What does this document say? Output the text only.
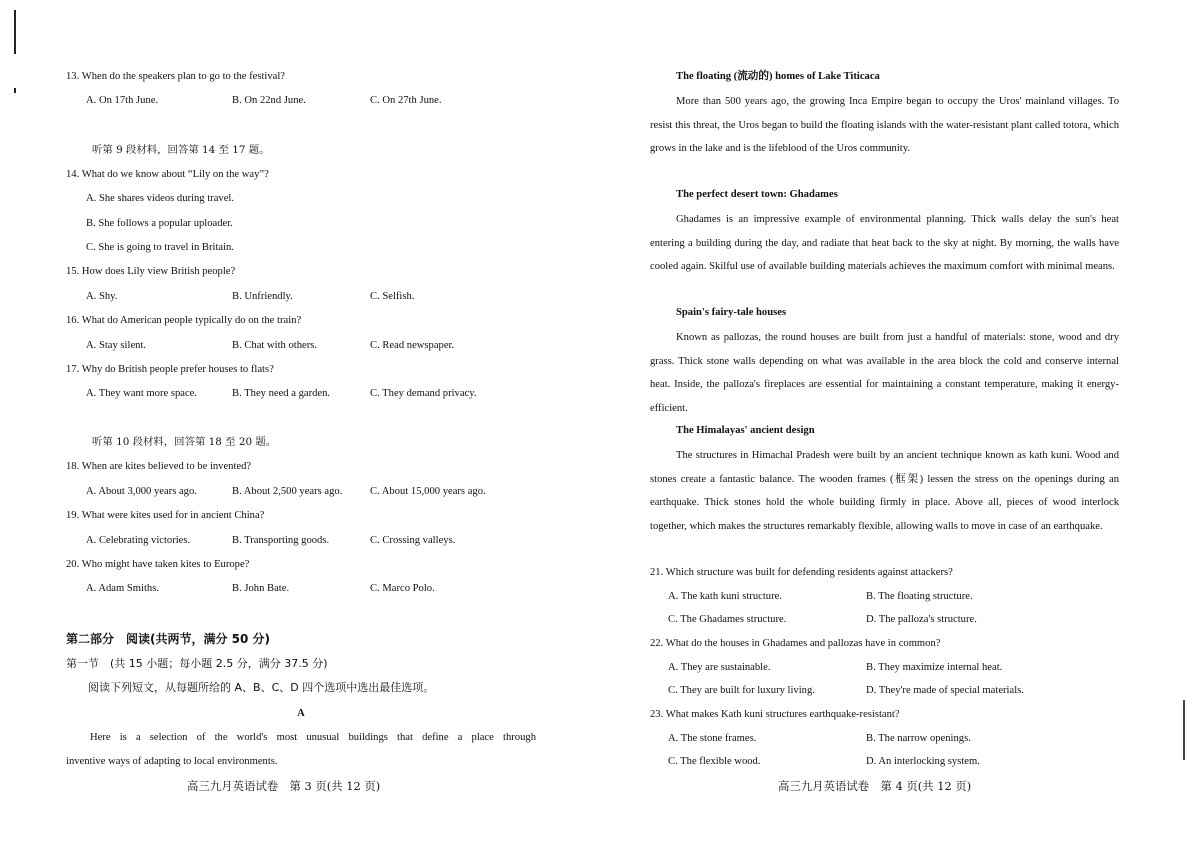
13. When do the speakers plan to go to the festival?
A. On 17th June.	B. On 22nd June.	C. On 27th June.
听第 9 段材料，回答第 14 至 17 题。
14. What do we know about “Lily on the way”?
A. She shares videos during travel.
B. She follows a popular uploader.
C. She is going to travel in Britain.
15. How does Lily view British people?
A. Shy.	B. Unfriendly.	C. Selfish.
16. What do American people typically do on the train?
A. Stay silent.	B. Chat with others.	C. Read newspaper.
17. Why do British people prefer houses to flats?
A. They want more space.	B. They need a garden.	C. They demand privacy.
听第 10 段材料，回答第 18 至 20 题。
18. When are kites believed to be invented?
A. About 3,000 years ago.	B. About 2,500 years ago.	C. About 15,000 years ago.
19. What were kites used for in ancient China?
A. Celebrating victories.	B. Transporting goods.	C. Crossing valleys.
20. Who might have taken kites to Europe?
A. Adam Smiths.	B. John Bate.	C. Marco Polo.
第二部分　阅读(共两节，满分 50 分)
第一节　(共 15 小题；每小题 2.5 分，满分 37.5 分)
阅读下列短文，从每题所给的 A、B、C、D 四个选项中选出最佳选项。
A
Here is a selection of the world's most unusual buildings that define a place through
inventive ways of adapting to local environments.
高三九月英语试卷　第 3 页(共 12 页)
The floating (流动的) homes of Lake Titicaca
More than 500 years ago, the growing Inca Empire began to occupy the Uros' mainland villages. To resist this threat, the Uros began to build the floating islands with the water-resistant plant called totora, which grows in the lake and is the lifeblood of the Uros community.
The perfect desert town: Ghadames
Ghadames is an impressive example of environmental planning. Thick walls delay the sun's heat entering a building during the day, and radiate that heat back to the sky at night. By morning, the walls have cooled again. Skilful use of available building materials achieves the maximum comfort with minimal means.
Spain's fairy-tale houses
Known as pallozas, the round houses are built from just a handful of materials: stone, wood and dry grass. Thick stone walls depending on what was available in the area block the cold and conserve internal heat. Inside, the palloza's fireplaces are essential for maintaining a constant temperature, making it energy-efficient.
The Himalayas' ancient design
The structures in Himachal Pradesh were built by an ancient technique known as kath kuni. Wood and stones create a fantastic balance. The wooden frames (框架) lessen the stress on the openings during an earthquake. Thick stones hold the whole building firmly in place. Above all, pieces of wood interlock together, which makes the structures remarkably flexible, allowing walls to move in case of an earthquake.
21. Which structure was built for defending residents against attackers?
A. The kath kuni structure.	B. The floating structure.
C. The Ghadames structure.	D. The palloza's structure.
22. What do the houses in Ghadames and pallozas have in common?
A. They are sustainable.	B. They maximize internal heat.
C. They are built for luxury living.	D. They're made of special materials.
23. What makes Kath kuni structures earthquake-resistant?
A. The stone frames.	B. The narrow openings.
C. The flexible wood.	D. An interlocking system.
高三九月英语试卷　第 4 页(共 12 页)
